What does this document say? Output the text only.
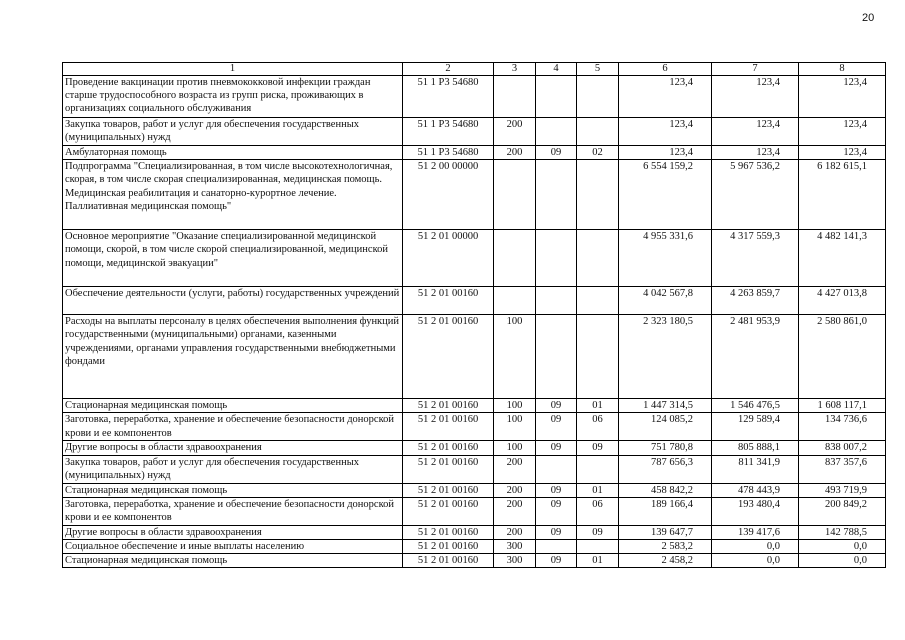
20
1	2	3	4	5	6	7	8
Проведение вакцинации против пневмококковой инфекции граждан старше трудоспособного возраста из групп риска, проживающих в организациях социального обслуживания	51 1 P3 54680				123,4	123,4	123,4
Закупка товаров, работ и услуг для обеспечения государственных (муниципальных) нужд	51 1 P3 54680	200			123,4	123,4	123,4
Амбулаторная помощь	51 1 P3 54680	200	09	02	123,4	123,4	123,4
Подпрограмма "Специализированная, в том числе высокотехнологичная, скорая, в том числе скорая специализированная, медицинская помощь. Медицинская реабилитация и санаторно-курортное лечение. Паллиативная медицинская помощь"	51 2 00 00000				6 554 159,2	5 967 536,2	6 182 615,1
Основное мероприятие "Оказание специализированной медицинской помощи, скорой, в том числе скорой специализированной, медицинской помощи, медицинской эвакуации"	51 2 01 00000				4 955 331,6	4 317 559,3	4 482 141,3
Обеспечение деятельности (услуги, работы) государственных учреждений	51 2 01 00160				4 042 567,8	4 263 859,7	4 427 013,8
Расходы на выплаты персоналу в целях обеспечения выполнения функций государственными (муниципальными) органами, казенными учреждениями, органами управления государственными внебюджетными фондами	51 2 01 00160	100			2 323 180,5	2 481 953,9	2 580 861,0
Стационарная медицинская помощь	51 2 01 00160	100	09	01	1 447 314,5	1 546 476,5	1 608 117,1
Заготовка, переработка, хранение и обеспечение безопасности донорской крови и ее компонентов	51 2 01 00160	100	09	06	124 085,2	129 589,4	134 736,6
Другие вопросы в области здравоохранения	51 2 01 00160	100	09	09	751 780,8	805 888,1	838 007,2
Закупка товаров, работ и услуг для обеспечения государственных (муниципальных) нужд	51 2 01 00160	200			787 656,3	811 341,9	837 357,6
Стационарная медицинская помощь	51 2 01 00160	200	09	01	458 842,2	478 443,9	493 719,9
Заготовка, переработка, хранение и обеспечение безопасности донорской крови и ее компонентов	51 2 01 00160	200	09	06	189 166,4	193 480,4	200 849,2
Другие вопросы в области здравоохранения	51 2 01 00160	200	09	09	139 647,7	139 417,6	142 788,5
Социальное обеспечение и иные выплаты населению	51 2 01 00160	300			2 583,2	0,0	0,0
Стационарная медицинская помощь	51 2 01 00160	300	09	01	2 458,2	0,0	0,0
